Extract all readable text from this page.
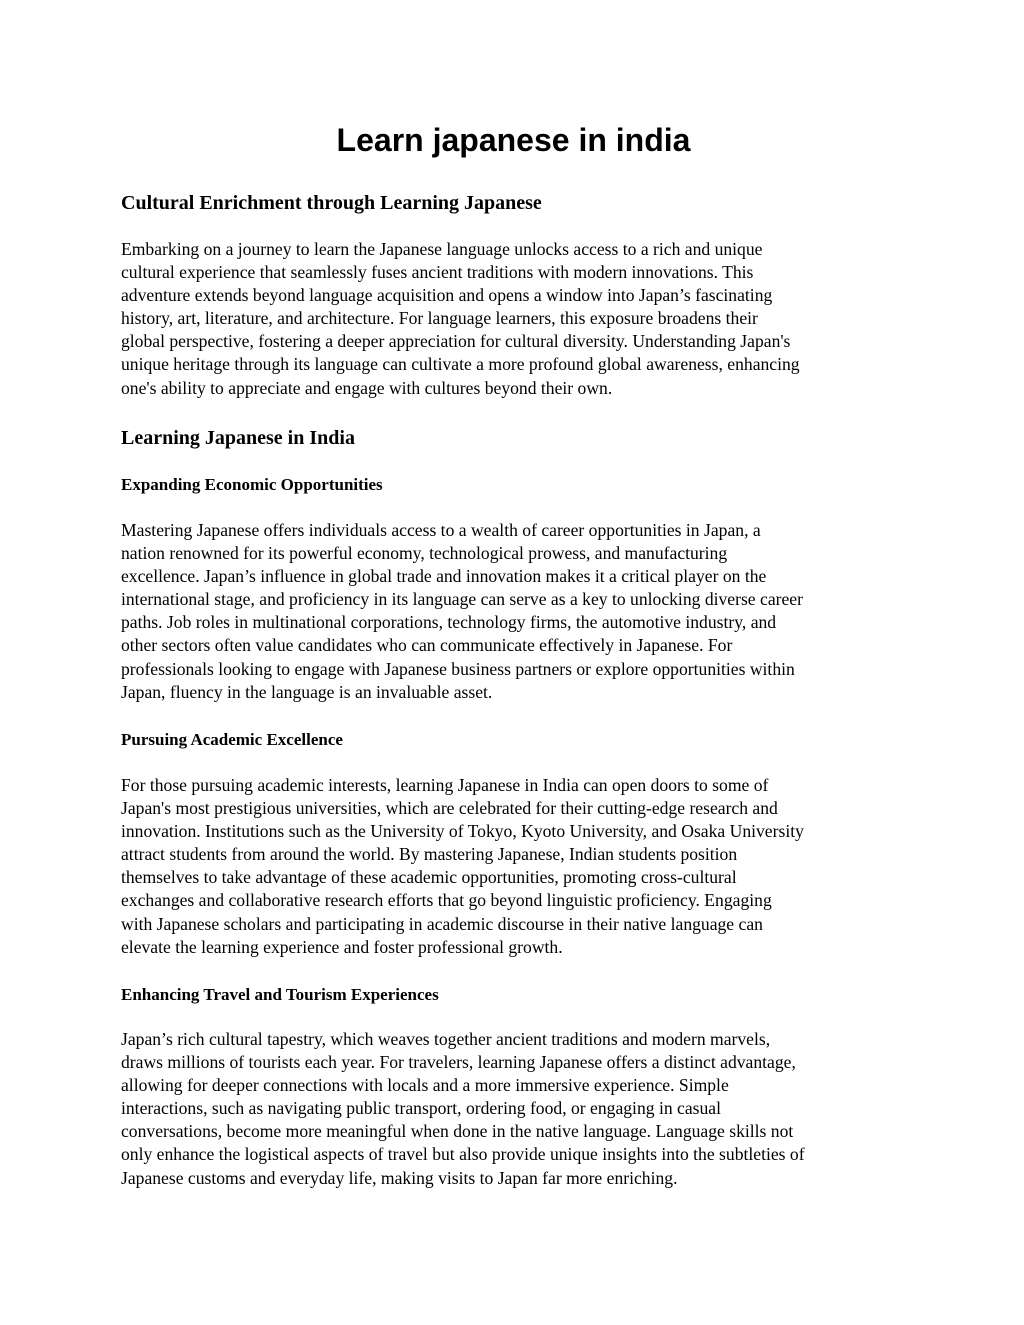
Learn japanese in india
Cultural Enrichment through Learning Japanese
Embarking on a journey to learn the Japanese language unlocks access to a rich and unique
cultural experience that seamlessly fuses ancient traditions with modern innovations. This
adventure extends beyond language acquisition and opens a window into Japan’s fascinating
history, art, literature, and architecture. For language learners, this exposure broadens their
global perspective, fostering a deeper appreciation for cultural diversity. Understanding Japan's
unique heritage through its language can cultivate a more profound global awareness, enhancing
one's ability to appreciate and engage with cultures beyond their own.
Learning Japanese in India
Expanding Economic Opportunities
Mastering Japanese offers individuals access to a wealth of career opportunities in Japan, a
nation renowned for its powerful economy, technological prowess, and manufacturing
excellence. Japan’s influence in global trade and innovation makes it a critical player on the
international stage, and proficiency in its language can serve as a key to unlocking diverse career
paths. Job roles in multinational corporations, technology firms, the automotive industry, and
other sectors often value candidates who can communicate effectively in Japanese. For
professionals looking to engage with Japanese business partners or explore opportunities within
Japan, fluency in the language is an invaluable asset.
Pursuing Academic Excellence
For those pursuing academic interests, learning Japanese in India can open doors to some of
Japan's most prestigious universities, which are celebrated for their cutting-edge research and
innovation. Institutions such as the University of Tokyo, Kyoto University, and Osaka University
attract students from around the world. By mastering Japanese, Indian students position
themselves to take advantage of these academic opportunities, promoting cross-cultural
exchanges and collaborative research efforts that go beyond linguistic proficiency. Engaging
with Japanese scholars and participating in academic discourse in their native language can
elevate the learning experience and foster professional growth.
Enhancing Travel and Tourism Experiences
Japan’s rich cultural tapestry, which weaves together ancient traditions and modern marvels,
draws millions of tourists each year. For travelers, learning Japanese offers a distinct advantage,
allowing for deeper connections with locals and a more immersive experience. Simple
interactions, such as navigating public transport, ordering food, or engaging in casual
conversations, become more meaningful when done in the native language. Language skills not
only enhance the logistical aspects of travel but also provide unique insights into the subtleties of
Japanese customs and everyday life, making visits to Japan far more enriching.
